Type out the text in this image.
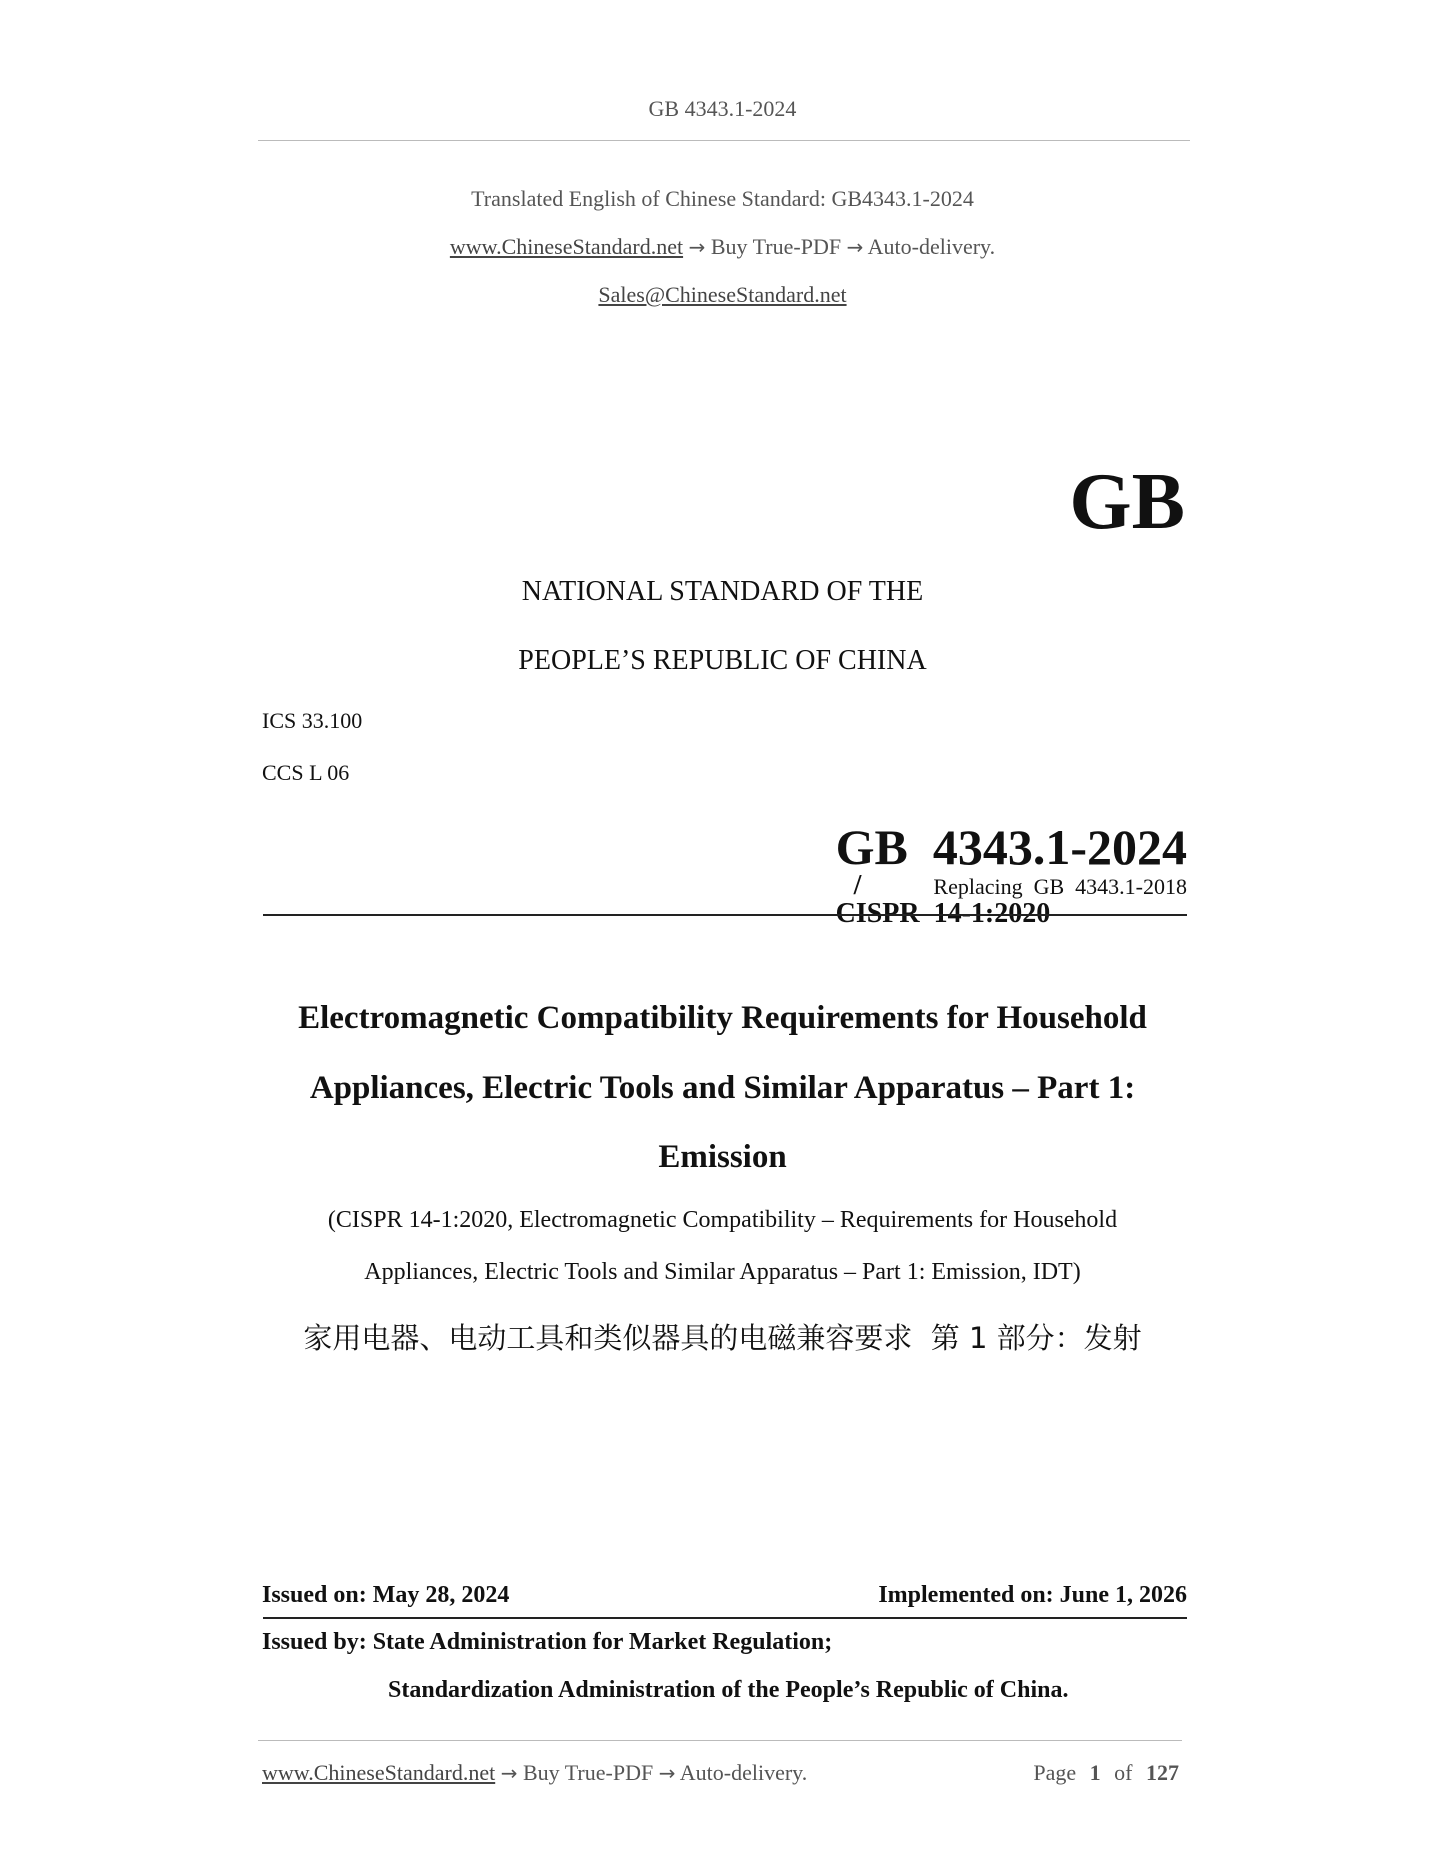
GB 4343.1-2024
Translated English of Chinese Standard: GB4343.1-2024
www.ChineseStandard.net → Buy True-PDF → Auto-delivery.
Sales@ChineseStandard.net
GB
NATIONAL STANDARD OF THE
PEOPLE’S REPUBLIC OF CHINA
ICS 33.100
CCS L 06

GB  4343.1-2024
/
CISPR  14-1:2020

Replacing  GB  4343.1-2018
Electromagnetic Compatibility Requirements for Household
Appliances, Electric Tools and Similar Apparatus – Part 1:
Emission
(CISPR 14-1:2020, Electromagnetic Compatibility – Requirements for Household
Appliances, Electric Tools and Similar Apparatus – Part 1: Emission, IDT)
家用电器、电动工具和类似器具的电磁兼容要求  第 1 部分：发射
Issued on: May 28, 2024	Implemented on: June 1, 2026
Issued by: State Administration for Market Regulation;
Standardization Administration of the People’s Republic of China.
www.ChineseStandard.net → Buy True-PDF → Auto-delivery.	Page 1 of 127
